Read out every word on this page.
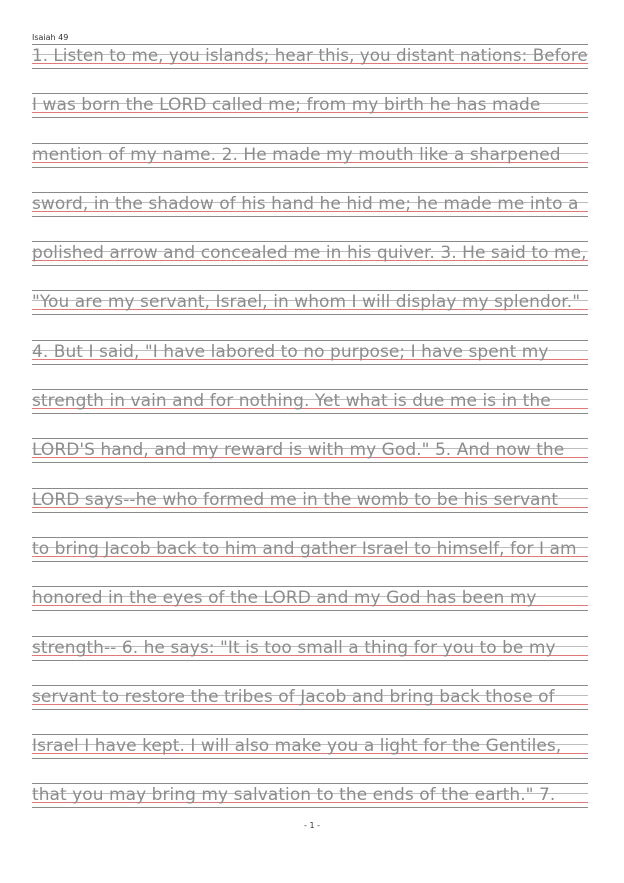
Isaiah 49
1. Listen to me, you islands; hear this, you distant nations: Before
I was born the LORD called me; from my birth he has made
mention of my name. 2. He made my mouth like a sharpened
sword, in the shadow of his hand he hid me; he made me into a
polished arrow and concealed me in his quiver. 3. He said to me,
"You are my servant, Israel, in whom I will display my splendor."
4. But I said, "I have labored to no purpose; I have spent my
strength in vain and for nothing. Yet what is due me is in the
LORD'S hand, and my reward is with my God." 5. And now the
LORD says--he who formed me in the womb to be his servant
to bring Jacob back to him and gather Israel to himself, for I am
honored in the eyes of the LORD and my God has been my
strength-- 6. he says: "It is too small a thing for you to be my
servant to restore the tribes of Jacob and bring back those of
Israel I have kept. I will also make you a light for the Gentiles,
that you may bring my salvation to the ends of the earth." 7.
- 1 -
